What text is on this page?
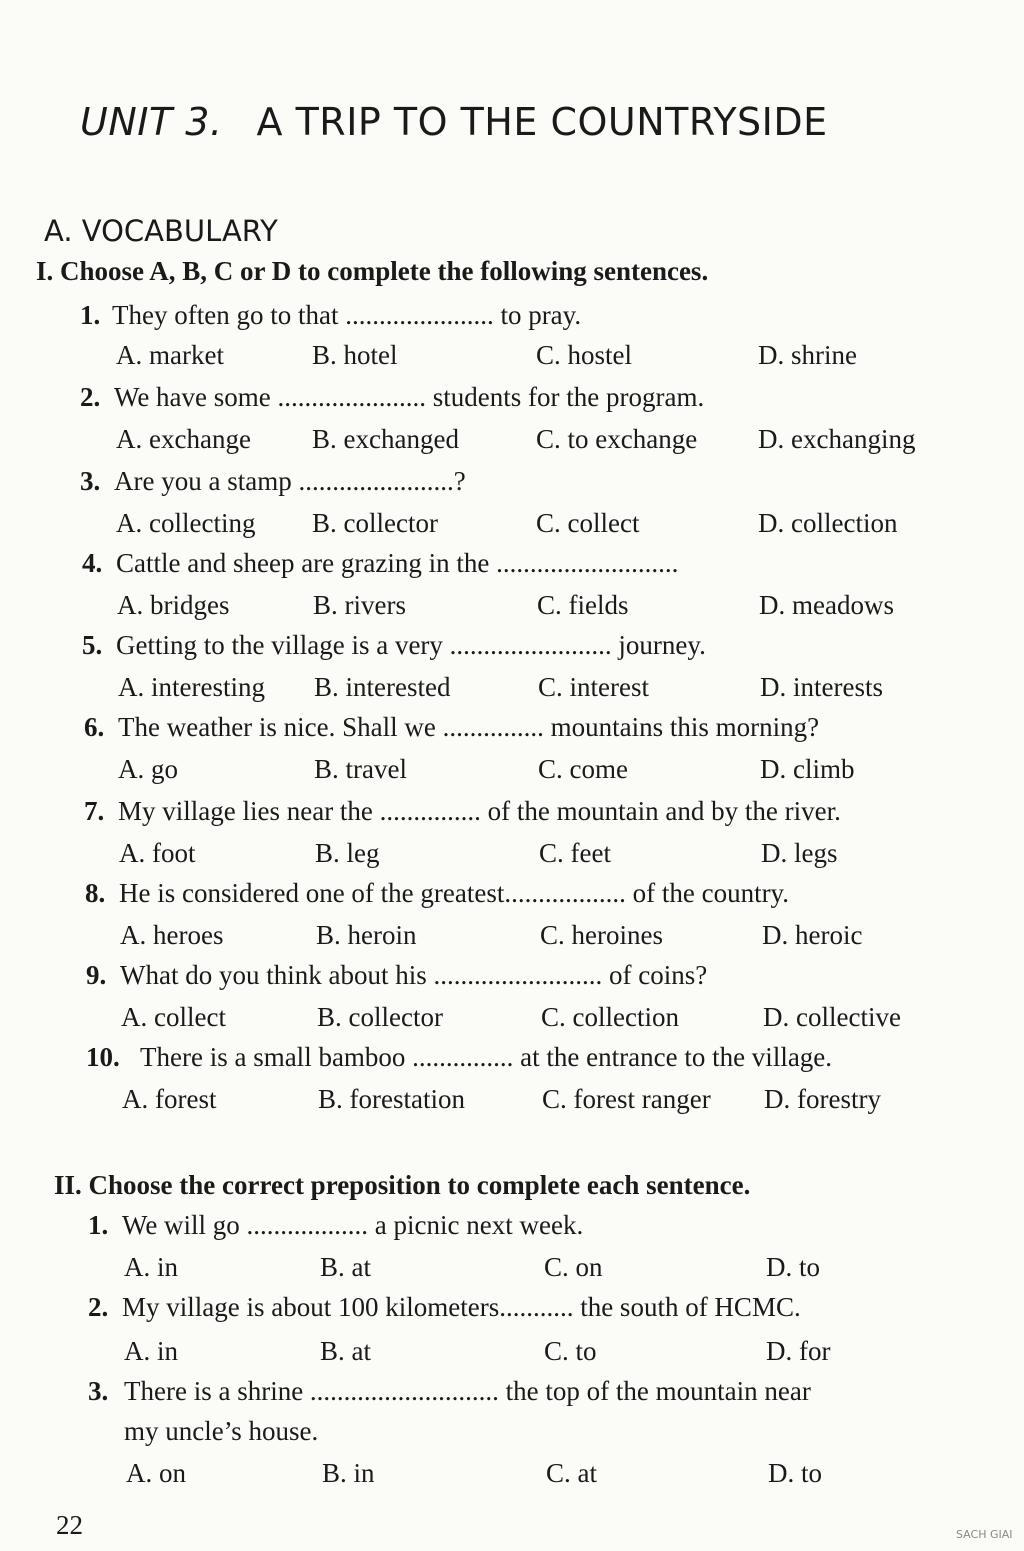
UNIT 3. A TRIP TO THE COUNTRYSIDE
A. VOCABULARY
I. Choose A, B, C or D to complete the following sentences.
1. They often go to that ...................... to pray.
A. market	B. hotel	C. hostel	D. shrine
2. We have some ...................... students for the program.
A. exchange B. exchanged	C. to exchange D. exchanging
3. Are you a stamp .......................?
A. collecting B. collector	C. collect	D. collection
4. Cattle and sheep are grazing in the ...........................
A. bridges	B. rivers	C. fields	D. meadows
5. Getting to the village is a very ........................ journey.
A. interesting B. interested	C. interest	D. interests
6. The weather is nice. Shall we ............... mountains this morning?
A. go	B. travel	C. come	D. climb
7. My village lies near the ............... of the mountain and by the river.
A. foot	B. leg	C. feet	D. legs
8. He is considered one of the greatest.................. of the country.
A. heroes	B. heroin	C. heroines	D. heroic
9. What do you think about his ......................... of coins?
A. collect	B. collector	C. collection	D. collective
10. There is a small bamboo ............... at the entrance to the village.
A. forest	B. forestation	C. forest ranger D. forestry
II. Choose the correct preposition to complete each sentence.
1. We will go .................. a picnic next week.
A. in	B. at	C. on	D. to
2. My village is about 100 kilometers........... the south of HCMC.
A. in	B. at	C. to	D. for
3. There is a shrine ............................ the top of the mountain near
my uncle’s house.
A. on	B. in	C. at	D. to
22	SACH GIAI
